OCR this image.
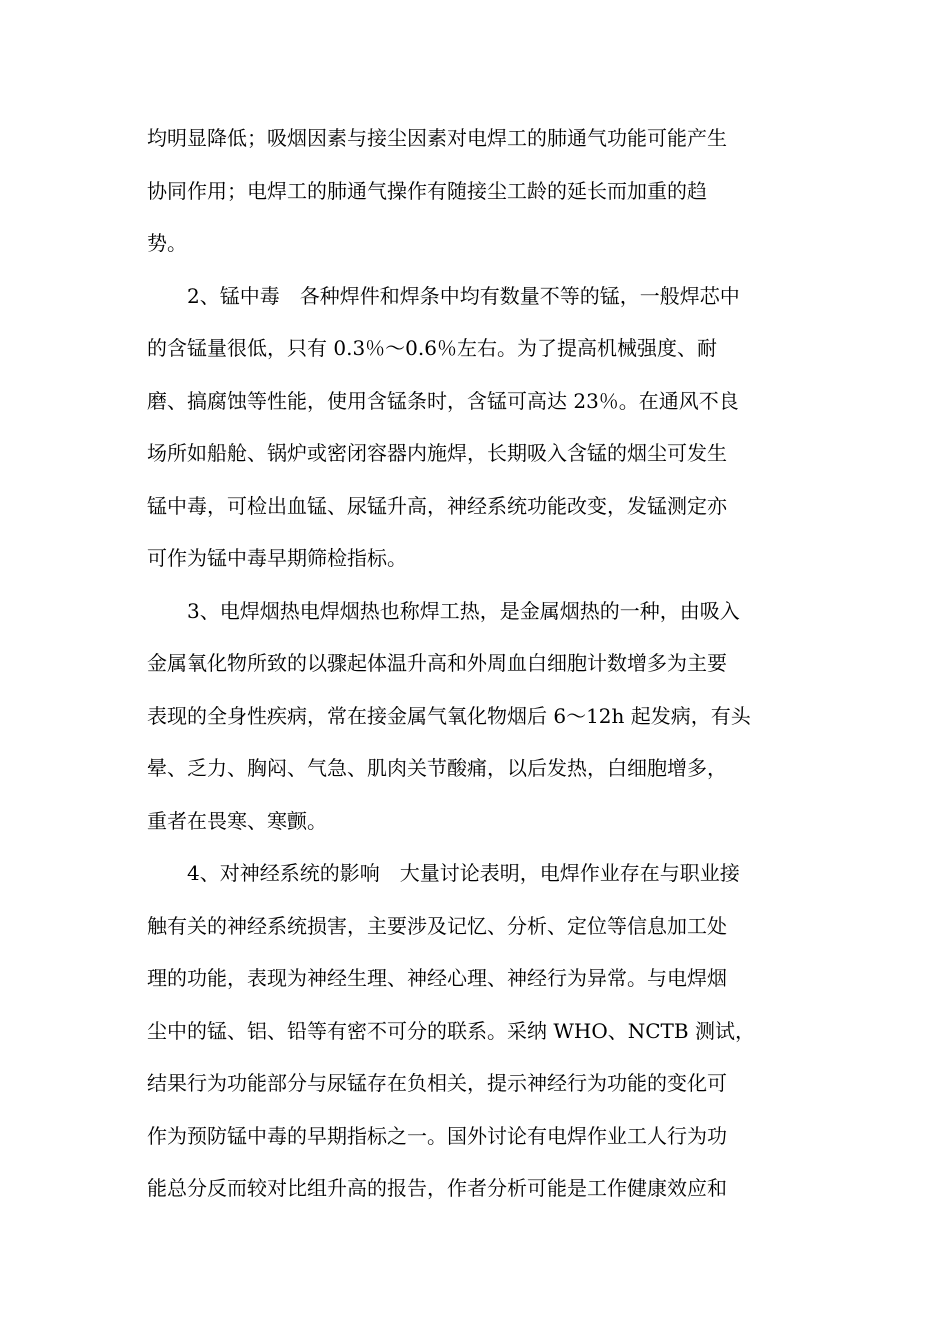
均明显降低；吸烟因素与接尘因素对电焊工的肺通气功能可能产生
协同作用；电焊工的肺通气操作有随接尘工龄的延长而加重的趋
势。
2、锰中毒　各种焊件和焊条中均有数量不等的锰，一般焊芯中
的含锰量很低，只有 0.3％～0.6％左右。为了提高机械强度、耐
磨、搞腐蚀等性能，使用含锰条时，含锰可高达 23％。在通风不良
场所如船舱、锅炉或密闭容器内施焊，长期吸入含锰的烟尘可发生
锰中毒，可检出血锰、尿锰升高，神经系统功能改变，发锰测定亦
可作为锰中毒早期筛检指标。
3、电焊烟热电焊烟热也称焊工热，是金属烟热的一种，由吸入
金属氧化物所致的以骤起体温升高和外周血白细胞计数增多为主要
表现的全身性疾病，常在接金属气氧化物烟后 6～12h 起发病，有头
晕、乏力、胸闷、气急、肌肉关节酸痛，以后发热，白细胞增多，
重者在畏寒、寒颤。
4、对神经系统的影响　大量讨论表明，电焊作业存在与职业接
触有关的神经系统损害，主要涉及记忆、分析、定位等信息加工处
理的功能，表现为神经生理、神经心理、神经行为异常。与电焊烟
尘中的锰、铝、铅等有密不可分的联系。采纳 WHO、NCTB 测试，
结果行为功能部分与尿锰存在负相关，提示神经行为功能的变化可
作为预防锰中毒的早期指标之一。国外讨论有电焊作业工人行为功
能总分反而较对比组升高的报告，作者分析可能是工作健康效应和
